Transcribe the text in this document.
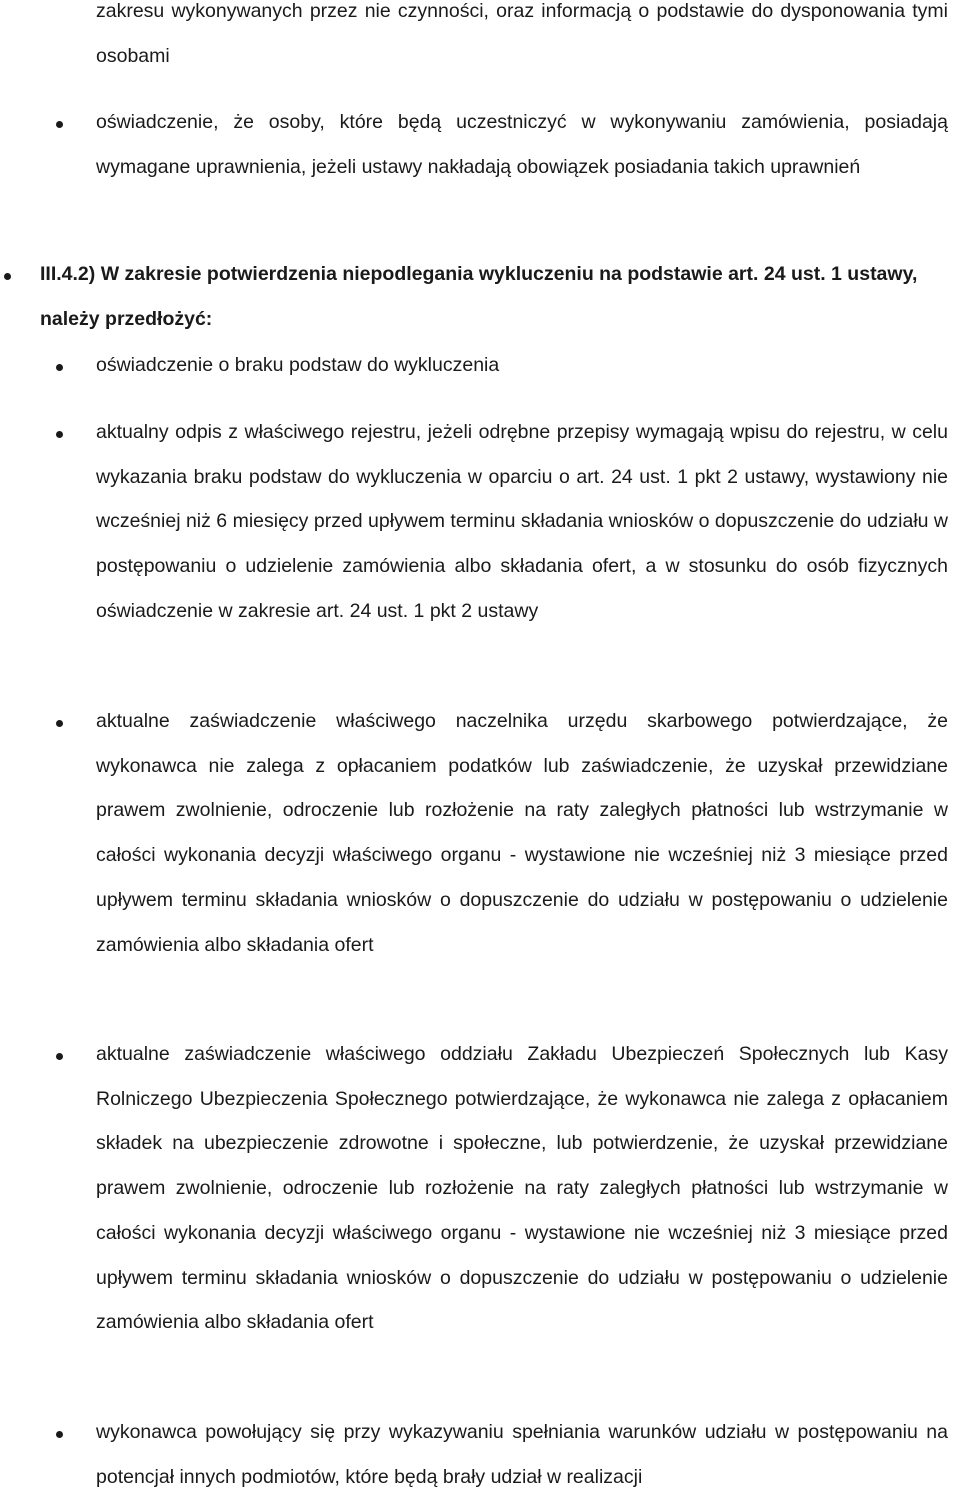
zakresu wykonywanych przez nie czynności, oraz informacją o podstawie do dysponowania tymi osobami
oświadczenie, że osoby, które będą uczestniczyć w wykonywaniu zamówienia, posiadają wymagane uprawnienia, jeżeli ustawy nakładają obowiązek posiadania takich uprawnień
III.4.2) W zakresie potwierdzenia niepodlegania wykluczeniu na podstawie art. 24 ust. 1 ustawy, należy przedłożyć:
oświadczenie o braku podstaw do wykluczenia
aktualny odpis z właściwego rejestru, jeżeli odrębne przepisy wymagają wpisu do rejestru, w celu wykazania braku podstaw do wykluczenia w oparciu o art. 24 ust. 1 pkt 2 ustawy, wystawiony nie wcześniej niż 6 miesięcy przed upływem terminu składania wniosków o dopuszczenie do udziału w postępowaniu o udzielenie zamówienia albo składania ofert, a w stosunku do osób fizycznych oświadczenie w zakresie art. 24 ust. 1 pkt 2 ustawy
aktualne zaświadczenie właściwego naczelnika urzędu skarbowego potwierdzające, że wykonawca nie zalega z opłacaniem podatków lub zaświadczenie, że uzyskał przewidziane prawem zwolnienie, odroczenie lub rozłożenie na raty zaległych płatności lub wstrzymanie w całości wykonania decyzji właściwego organu - wystawione nie wcześniej niż 3 miesiące przed upływem terminu składania wniosków o dopuszczenie do udziału w postępowaniu o udzielenie zamówienia albo składania ofert
aktualne zaświadczenie właściwego oddziału Zakładu Ubezpieczeń Społecznych lub Kasy Rolniczego Ubezpieczenia Społecznego potwierdzające, że wykonawca nie zalega z opłacaniem składek na ubezpieczenie zdrowotne i społeczne, lub potwierdzenie, że uzyskał przewidziane prawem zwolnienie, odroczenie lub rozłożenie na raty zaległych płatności lub wstrzymanie w całości wykonania decyzji właściwego organu - wystawione nie wcześniej niż 3 miesiące przed upływem terminu składania wniosków o dopuszczenie do udziału w postępowaniu o udzielenie zamówienia albo składania ofert
wykonawca powołujący się przy wykazywaniu spełniania warunków udziału w postępowaniu na potencjał innych podmiotów, które będą brały udział w realizacji
